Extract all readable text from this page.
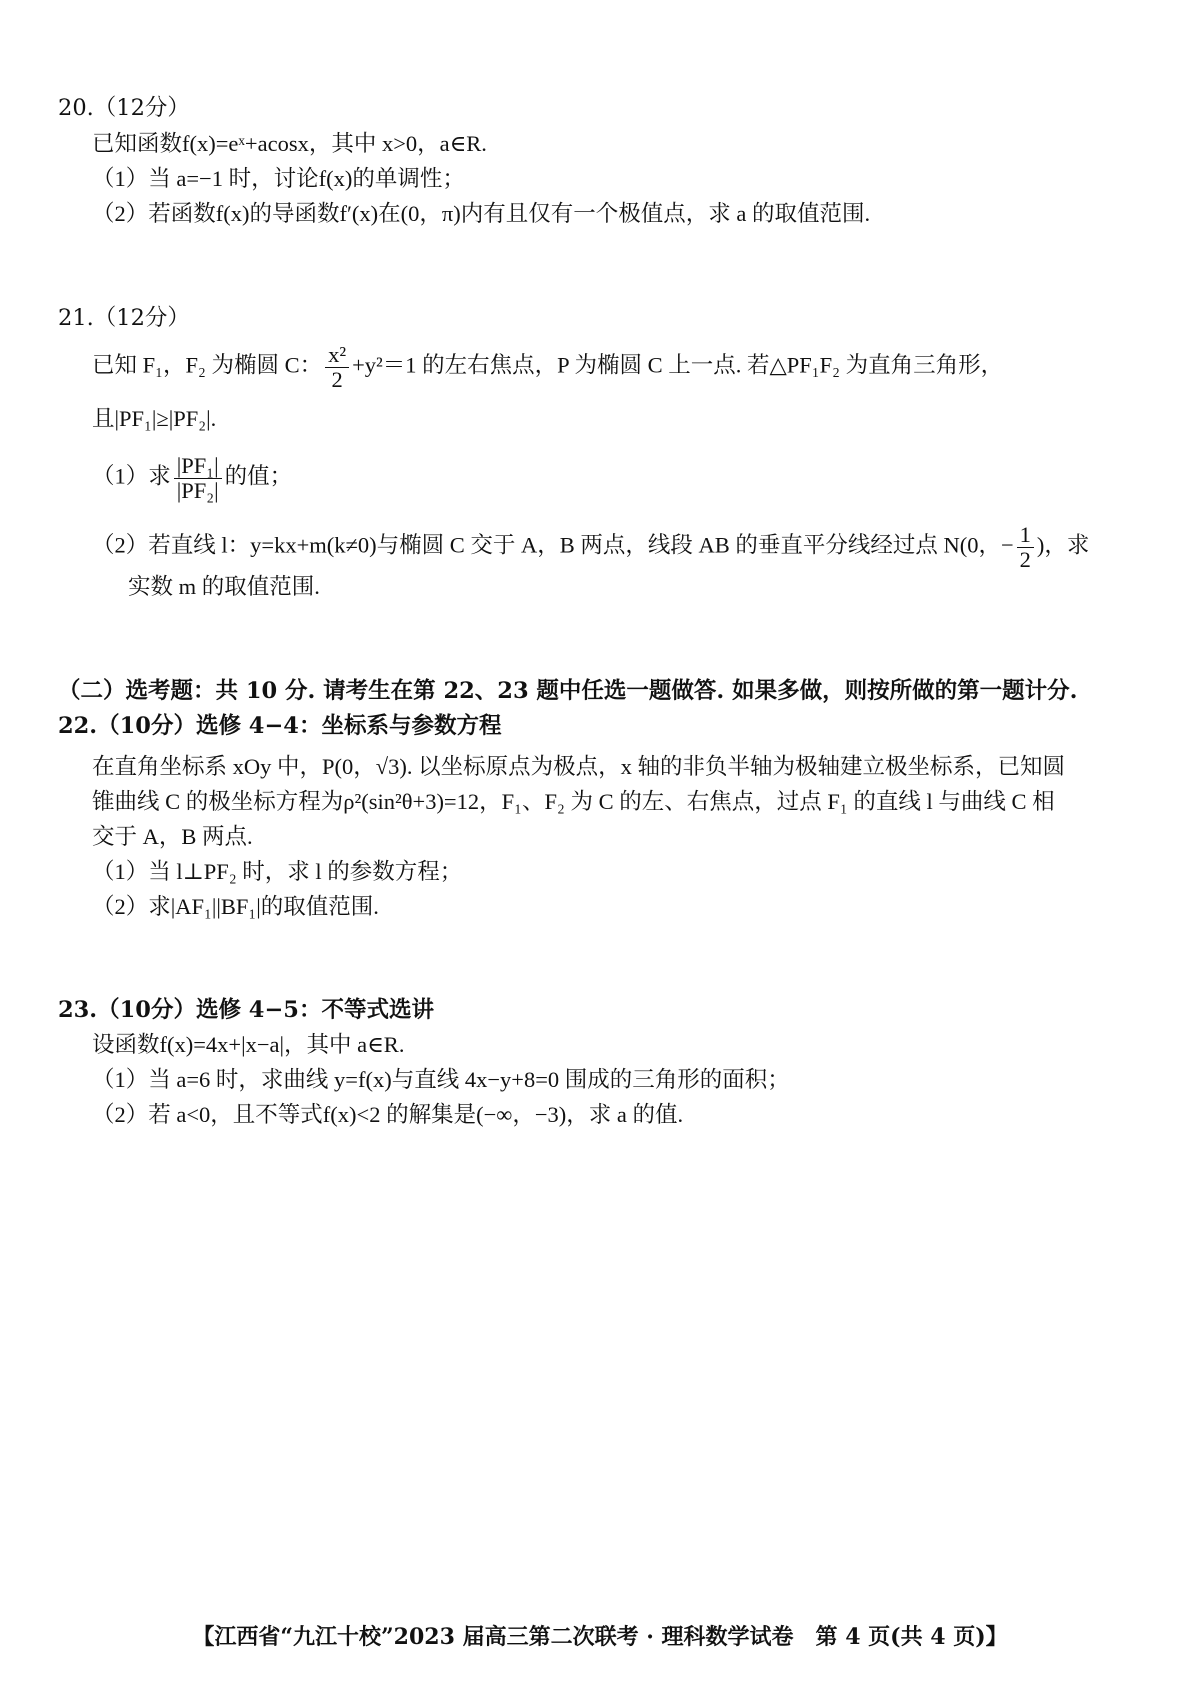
20.（12分）
已知函数f(x)=eˣ+acosx，其中 x>0，a∈R.
（1）当 a=−1 时，讨论f(x)的单调性；
（2）若函数f(x)的导函数f′(x)在(0，π)内有且仅有一个极值点，求 a 的取值范围.
21.（12分）
已知 F₁，F₂ 为椭圆 C： $\frac{\text{x²}}{2} +y^2=1$ 的左右焦点，P 为椭圆 C 上一点. 若△PF₁F₂ 为直角三角形，
且|PF₁|≥|PF₂|.
（1）求 $\frac{\text{|PF₁|}}{\text{|PF₂|}}$ 的值；
（2）若直线 l：y=kx+m(k≠0)与椭圆 C 交于 A，B 两点，线段 AB 的垂直平分线经过点 N(0，− $\frac{1}{2}$ )，求
实数 m 的取值范围.
（二）选考题：共 10 分. 请考生在第 22、23 题中任选一题做答. 如果多做，则按所做的第一题计分.
22.（10分）选修 4−4：坐标系与参数方程
在直角坐标系 xOy 中，P(0，√3). 以坐标原点为极点，x 轴的非负半轴为极轴建立极坐标系，已知圆
锥曲线 C 的极坐标方程为ρ²(sin²θ+3)=12，F₁、F₂ 为 C 的左、右焦点，过点 F₁ 的直线 l 与曲线 C 相
交于 A，B 两点.
（1）当 l⊥PF₂ 时，求 l 的参数方程；
（2）求|AF₁||BF₁|的取值范围.
23.（10分）选修 4−5：不等式选讲
设函数f(x)=4x+|x−a|，其中 a∈R.
（1）当 a=6 时，求曲线 y=f(x)与直线 4x−y+8=0 围成的三角形的面积；
（2）若 a<0，且不等式f(x)<2 的解集是(−∞，−3)，求 a 的值.
【江西省“九江十校”2023 届高三第二次联考 · 理科数学试卷　第 4 页(共 4 页)】
